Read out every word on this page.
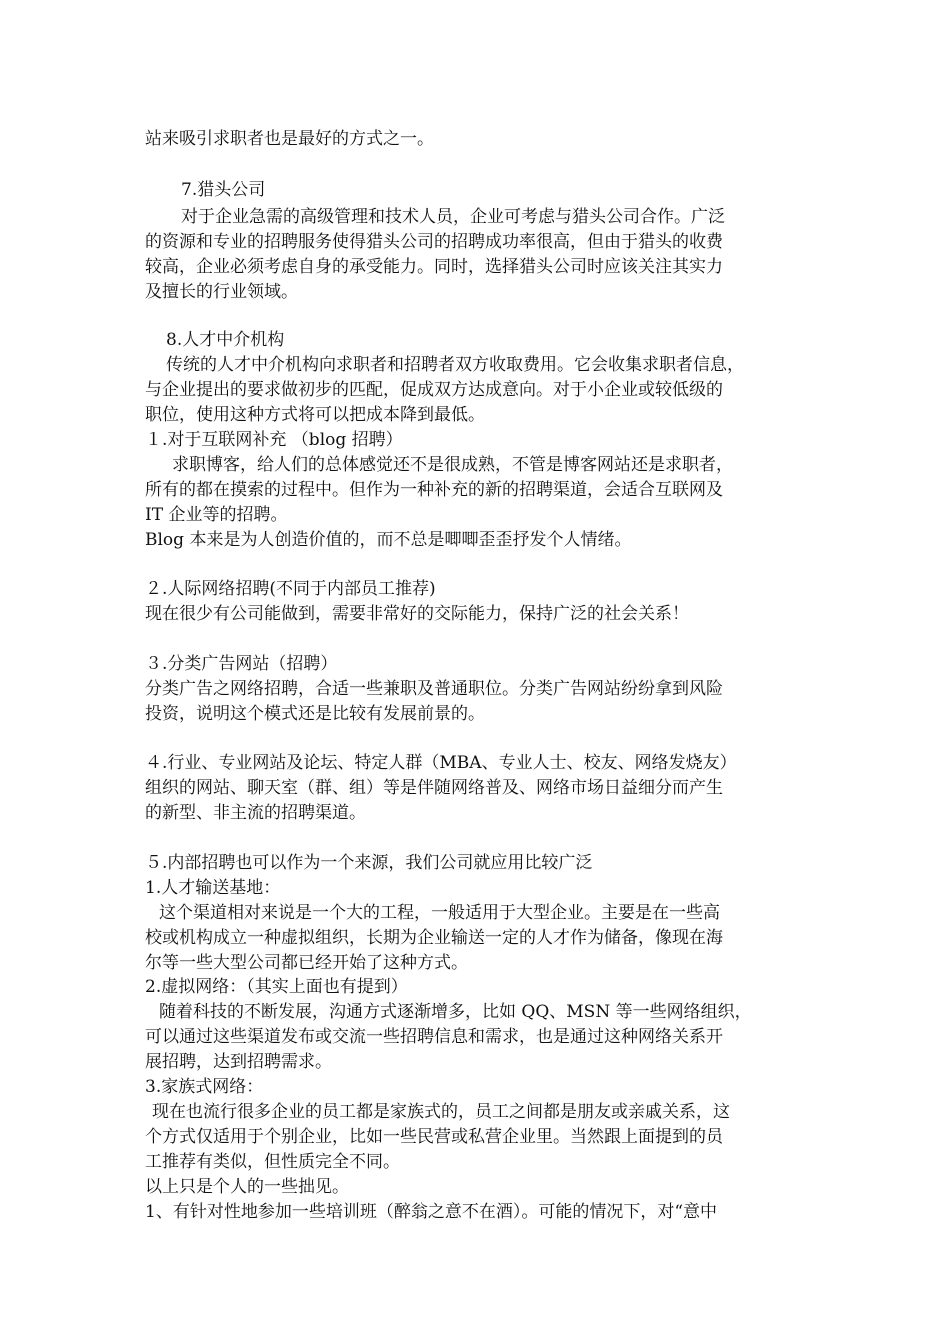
站来吸引求职者也是最好的方式之一。
7.猎头公司
对于企业急需的高级管理和技术人员，企业可考虑与猎头公司合作。广泛
的资源和专业的招聘服务使得猎头公司的招聘成功率很高，但由于猎头的收费
较高，企业必须考虑自身的承受能力。同时，选择猎头公司时应该关注其实力
及擅长的行业领域。
8.人才中介机构
传统的人才中介机构向求职者和招聘者双方收取费用。它会收集求职者信息，
与企业提出的要求做初步的匹配，促成双方达成意向。对于小企业或较低级的
职位，使用这种方式将可以把成本降到最低。
１.对于互联网补充 （blog 招聘）
求职博客，给人们的总体感觉还不是很成熟，不管是博客网站还是求职者，
所有的都在摸索的过程中。但作为一种补充的新的招聘渠道，会适合互联网及
IT 企业等的招聘。
Blog 本来是为人创造价值的，而不总是唧唧歪歪抒发个人情绪。
２.人际网络招聘(不同于内部员工推荐)
现在很少有公司能做到，需要非常好的交际能力，保持广泛的社会关系！
３.分类广告网站（招聘）
分类广告之网络招聘，合适一些兼职及普通职位。分类广告网站纷纷拿到风险
投资，说明这个模式还是比较有发展前景的。
４.行业、专业网站及论坛、特定人群（MBA、专业人士、校友、网络发烧友）
组织的网站、聊天室（群、组）等是伴随网络普及、网络市场日益细分而产生
的新型、非主流的招聘渠道。
５.内部招聘也可以作为一个来源，我们公司就应用比较广泛
1.人才输送基地：
这个渠道相对来说是一个大的工程，一般适用于大型企业。主要是在一些高
校或机构成立一种虚拟组织，长期为企业输送一定的人才作为储备，像现在海
尔等一些大型公司都已经开始了这种方式。
2.虚拟网络：（其实上面也有提到）
随着科技的不断发展，沟通方式逐渐增多，比如 QQ、MSN 等一些网络组织，
可以通过这些渠道发布或交流一些招聘信息和需求，也是通过这种网络关系开
展招聘，达到招聘需求。
3.家族式网络：
现在也流行很多企业的员工都是家族式的，员工之间都是朋友或亲戚关系，这
个方式仅适用于个别企业，比如一些民营或私营企业里。当然跟上面提到的员
工推荐有类似，但性质完全不同。
以上只是个人的一些拙见。
1、有针对性地参加一些培训班（醉翁之意不在酒）。可能的情况下，对“意中
